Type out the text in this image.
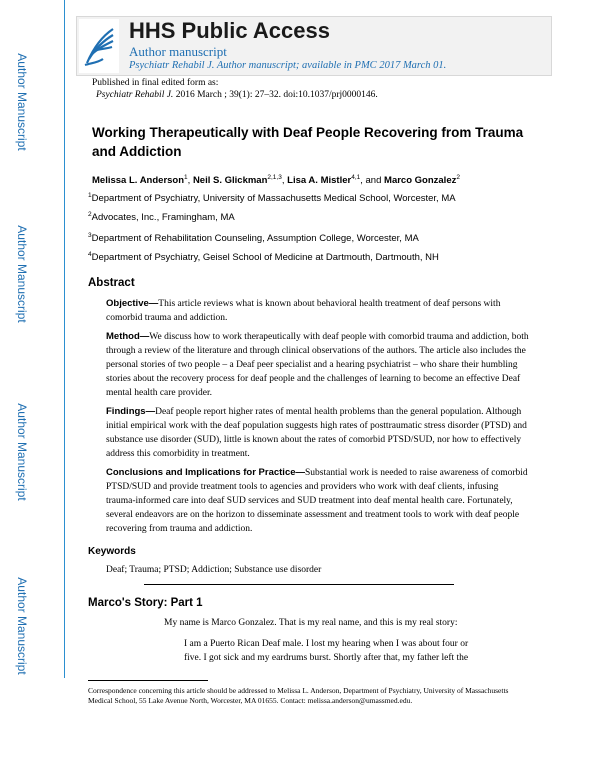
Author Manuscript
Author Manuscript
Author Manuscript
Author Manuscript
HHS Public Access
Author manuscript
Psychiatr Rehabil J. Author manuscript; available in PMC 2017 March 01.
Published in final edited form as:
Psychiatr Rehabil J. 2016 March ; 39(1): 27–32. doi:10.1037/prj0000146.
Working Therapeutically with Deaf People Recovering from Trauma and Addiction
Melissa L. Anderson$^1$, Neil S. Glickman$^{2,1,3}$, Lisa A. Mistler$^{4,1}$, and Marco Gonzalez$^2$
$^1$Department of Psychiatry, University of Massachusetts Medical School, Worcester, MA
$^2$Advocates, Inc., Framingham, MA
$^3$Department of Rehabilitation Counseling, Assumption College, Worcester, MA
$^4$Department of Psychiatry, Geisel School of Medicine at Dartmouth, Dartmouth, NH
Abstract
Objective—This article reviews what is known about behavioral health treatment of deaf persons with comorbid trauma and addiction.
Method—We discuss how to work therapeutically with deaf people with comorbid trauma and addiction, both through a review of the literature and through clinical observations of the authors. The article also includes the personal stories of two people – a Deaf peer specialist and a hearing psychiatrist – who share their humbling stories about the recovery process for deaf people and the challenges of learning to become an effective Deaf mental health care provider.
Findings—Deaf people report higher rates of mental health problems than the general population. Although initial empirical work with the deaf population suggests high rates of posttraumatic stress disorder (PTSD) and substance use disorder (SUD), little is known about the rates of comorbid PTSD/SUD, nor how to effectively address this comorbidity in treatment.
Conclusions and Implications for Practice—Substantial work is needed to raise awareness of comorbid PTSD/SUD and provide treatment tools to agencies and providers who work with deaf clients, infusing trauma-informed care into deaf SUD services and SUD treatment into deaf mental health care. Fortunately, several endeavors are on the horizon to disseminate assessment and treatment tools to work with deaf people recovering from trauma and addiction.
Keywords
Deaf; Trauma; PTSD; Addiction; Substance use disorder
Marco's Story: Part 1
My name is Marco Gonzalez. That is my real name, and this is my real story:
I am a Puerto Rican Deaf male. I lost my hearing when I was about four or five. I got sick and my eardrums burst. Shortly after that, my father left the
Correspondence concerning this article should be addressed to Melissa L. Anderson, Department of Psychiatry, University of Massachusetts Medical School, 55 Lake Avenue North, Worcester, MA 01655. Contact: melissa.anderson@umassmed.edu.
